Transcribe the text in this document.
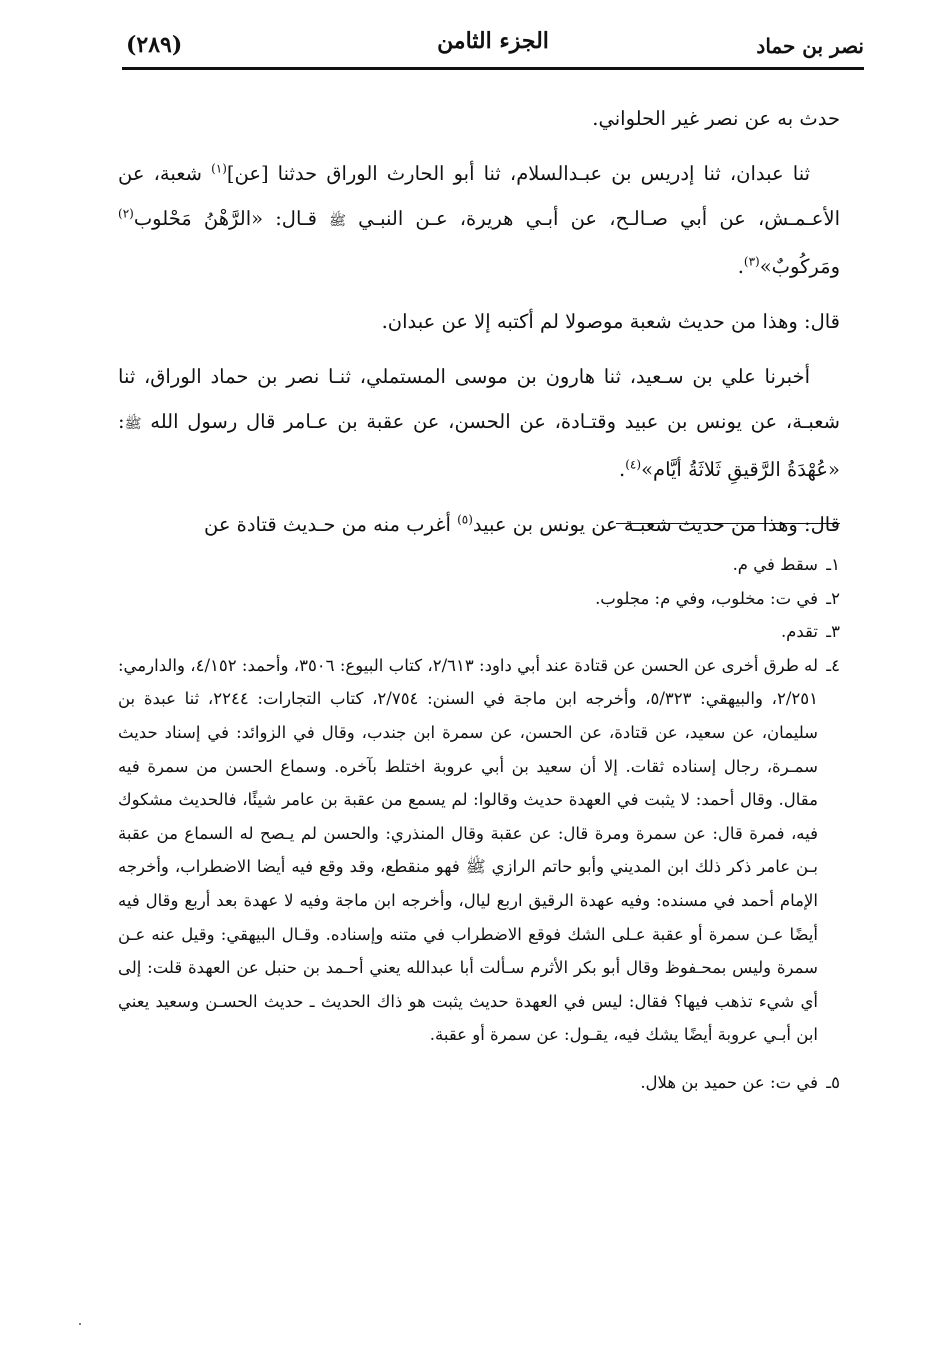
(٢٨٩)	الجزء الثامن	نصر بن حماد

حدث به عن نصر غير الحلواني.

ثنا عبدان، ثنا إدريس بن عبـدالسلام، ثنا أبو الحارث الوراق حدثنا [عن]$^{(١)}$ شعبة، عن الأعـمـش، عن أبي صـالـح، عن أبـي هريرة، عـن النبـي ﷺ قـال: «الرَّهْنُ مَحْلوب$^{(٢)}$ ومَركُوبٌ»$^{(٣)}$.

قال: وهذا من حديث شعبة موصولا لم أكتبه إلا عن عبدان.

أخبرنا علي بن سـعيد، ثنا هارون بن موسى المستملي، ثنـا نصر بن حماد الوراق، ثنا شعبـة، عن يونس بن عبيد وقتـادة، عن الحسن، عن عقبة بن عـامر قال رسول الله ﷺ: «عُهْدَةُ الرَّقيقِ ثَلاثَةُ أيَّام»$^{(٤)}$.

قال: وهذا من حديث شعبـة عن يونس بن عبيد$^{(٥)}$ أغرب منه من حـديث قتادة عن

١ـ
سقط في م.
٢ـ
في ت: مخلوب، وفي م: مجلوب.
٣ـ
تقدم.
٤ـ
له طرق أخرى عن الحسن عن قتادة عند أبي داود: ٢/٦١٣، كتاب البيوع: ٣٥٠٦، وأحمد: ٤/١٥٢، والدارمي: ٢/٢٥١، والبيهقي: ٥/٣٢٣، وأخرجه ابن ماجة في السنن: ٢/٧٥٤، كتاب التجارات: ٢٢٤٤، ثنا عبدة بن سليمان، عن سعيد، عن قتادة، عن الحسن، عن سمرة ابن جندب، وقال في الزوائد: في إسناد حديث سمـرة، رجال إسناده ثقات. إلا أن سعيد بن أبي عروبة اختلط بآخره. وسماع الحسن من سمرة فيه مقال. وقال أحمد: لا يثبت في العهدة حديث وقالوا: لم يسمع من عقبة بن عامر شيئًا، فالحديث مشكوك فيه، فمرة قال: عن سمرة ومرة قال: عن عقبة وقال المنذري: والحسن لم يـصح له السماع من عقبة بـن عامر ذكر ذلك ابن المديني وأبو حاتم الرازي ﷺ فهو منقطع، وقد وقع فيه أيضا الاضطراب، وأخرجه الإمام أحمد في مسنده: وفيه عهدة الرقيق اربع ليال، وأخرجه ابن ماجة وفيه لا عهدة بعد أربع وقال فيه أيضًا عـن سمرة أو عقبة عـلى الشك فوقع الاضطراب في متنه وإسناده. وقـال البيهقي: وقيل عنه عـن سمرة وليس بمحـفوظ وقال أبو بكر الأثرم سـألت أبا عبدالله يعني أحـمد بن حنبل عن العهدة قلت: إلى أي شيء تذهب فيها؟ فقال: ليس في العهدة حديث يثبت هو ذاك الحديث ـ حديث الحسـن وسعيد يعني ابن أبـي عروبة أيضًا يشك فيه، يقـول: عن سمرة أو عقبة.
٥ـ
في ت: عن حميد بن هلال.
